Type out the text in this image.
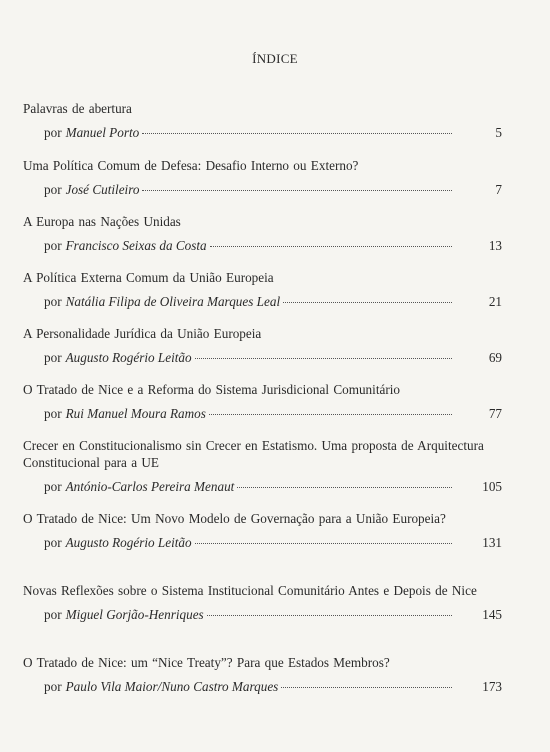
ÍNDICE
Palavras de abertura
por Manuel Porto	5
Uma Política Comum de Defesa: Desafio Interno ou Externo?
por José Cutileiro	7
A Europa nas Nações Unidas
por Francisco Seixas da Costa	13
A Política Externa Comum da União Europeia
por Natália Filipa de Oliveira Marques Leal	21
A Personalidade Jurídica da União Europeia
por Augusto Rogério Leitão	69
O Tratado de Nice e a Reforma do Sistema Jurisdicional Comunitário
por Rui Manuel Moura Ramos	77
Crecer en Constitucionalismo sin Crecer en Estatismo. Uma proposta de Arquitectura Constitucional para a UE
por António-Carlos Pereira Menaut	105
O Tratado de Nice: Um Novo Modelo de Governação para a União Europeia?
por Augusto Rogério Leitão	131
Novas Reflexões sobre o Sistema Institucional Comunitário Antes e Depois de Nice
por Miguel Gorjão-Henriques	145
O Tratado de Nice: um “Nice Treaty”? Para que Estados Membros?
por Paulo Vila Maior/Nuno Castro Marques	173
